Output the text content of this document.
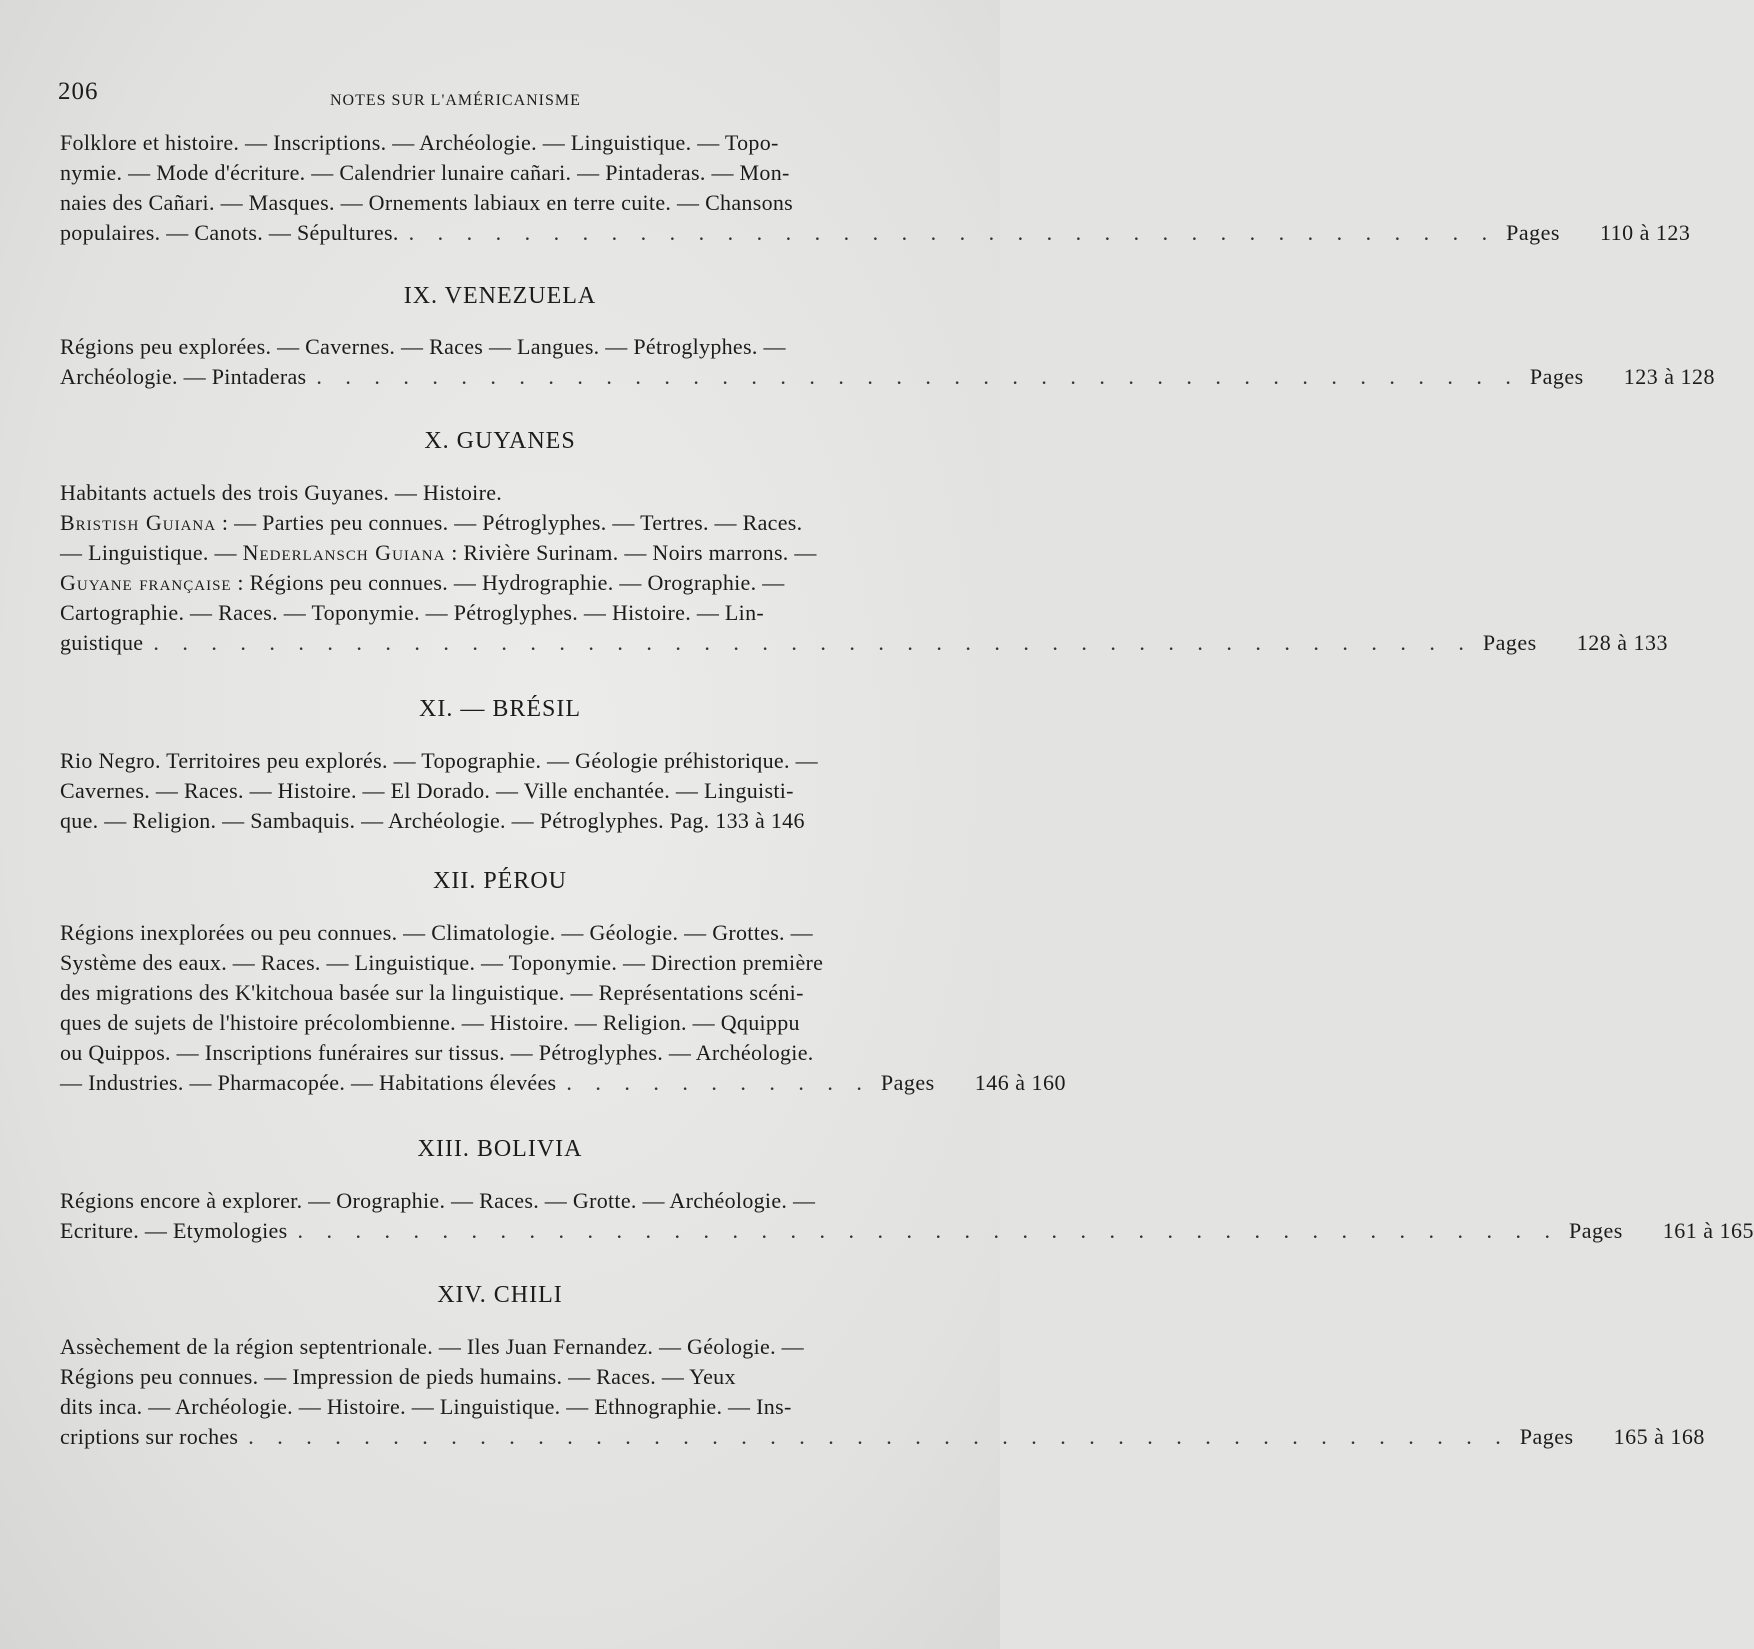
206	NOTES SUR L'AMÉRICANISME
Folklore et histoire. — Inscriptions. — Archéologie. — Linguistique. — Topo-
nymie. — Mode d'écriture. — Calendrier lunaire cañari. — Pintaderas. — Mon-
naies des Cañari. — Masques. — Ornements labiaux en terre cuite. — Chansons
populaires. — Canots. — Sépultures. . . . . . . . . . . . . . . . . . . . . . . . . . . . . . . . . . . . . . . Pages 110 à 123
IX. VENEZUELA
Régions peu explorées. — Cavernes. — Races — Langues. — Pétroglyphes. —
Archéologie. — Pintaderas . . . . . . . . . . . . . . . . . . . . . . . . . . . . . . . . . . . . . . . . . . Pages 123 à 128
X. GUYANES
Habitants actuels des trois Guyanes. — Histoire.
Bristish Guiana : — Parties peu connues. — Pétroglyphes. — Tertres. — Races.
— Linguistique. — Nederlansch Guiana : Rivière Surinam. — Noirs marrons. —
Guyane française : Régions peu connues. — Hydrographie. — Orographie. —
Cartographie. — Races. — Toponymie. — Pétroglyphes. — Histoire. — Lin-
guistique . . . . . . . . . . . . . . . . . . . . . . . . . . . . . . . . . . . . . . . . . . . . . . Pages 128 à 133
XI. — BRÉSIL
Rio Negro. Territoires peu explorés. — Topographie. — Géologie préhistorique. —
Cavernes. — Races. — Histoire. — El Dorado. — Ville enchantée. — Linguisti-
que. — Religion. — Sambaquis. — Archéologie. — Pétroglyphes. Pag. 133 à 146
XII. PÉROU
Régions inexplorées ou peu connues. — Climatologie. — Géologie. — Grottes. —
Système des eaux. — Races. — Linguistique. — Toponymie. — Direction première
des migrations des K'kitchoua basée sur la linguistique. — Représentations scéni-
ques de sujets de l'histoire précolombienne. — Histoire. — Religion. — Qquippu
ou Quippos. — Inscriptions funéraires sur tissus. — Pétroglyphes. — Archéologie.
— Industries. — Pharmacopée. — Habitations élevées . . . . . . . . . . . Pages 146 à 160
XIII. BOLIVIA
Régions encore à explorer. — Orographie. — Races. — Grotte. — Archéologie. —
Ecriture. — Etymologies . . . . . . . . . . . . . . . . . . . . . . . . . . . . . . . . . . . . . . . . . . . . Pages 161 à 165
XIV. CHILI
Assèchement de la région septentrionale. — Iles Juan Fernandez. — Géologie. —
Régions peu connues. — Impression de pieds humains. — Races. — Yeux
dits inca. — Archéologie. — Histoire. — Linguistique. — Ethnographie. — Ins-
criptions sur roches . . . . . . . . . . . . . . . . . . . . . . . . . . . . . . . . . . . . . . . . . . . . Pages 165 à 168
